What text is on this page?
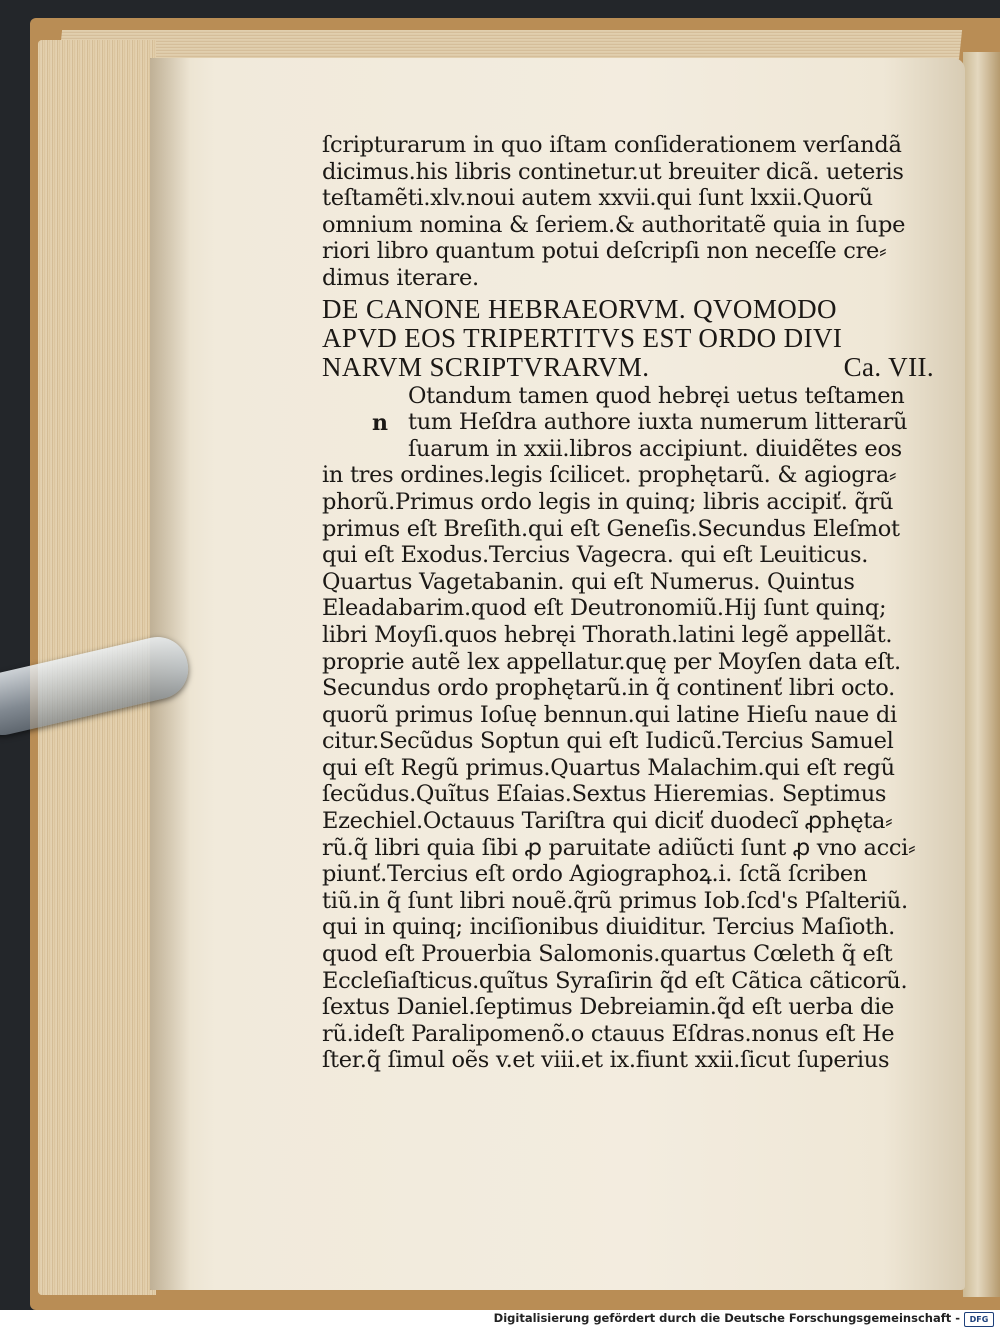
ſcripturarum in quo iſtam conſiderationem verſandã
dicimus.his libris continetur.ut breuiter dicã. ueteris
teſtamẽti.xlv.noui autem xxvii.qui ſunt lxxii.Quorũ
omnium nomina & ſeriem.& authoritatẽ quia in ſupe
riori libro quantum potui deſcripſi non neceſſe cre⸗
dimus iterare.
DE CANONE HEBRAEORVM. QVOMODO
APVD EOS TRIPERTITVS EST ORDO DIVI
NARVM SCRIPTVRARVM.	Ca. VII.
n
Otandum tamen quod hebręi uetus teſtamen
tum Heſdra authore iuxta numerum litterarũ
ſuarum in xxii.libros accipiunt. diuidẽtes eos
in tres ordines.legis ſcilicet. prophętarũ. & agiogra⸗
phorũ.Primus ordo legis in quinq; libris accipiť. q̃rũ
primus eſt Breſith.qui eſt Geneſis.Secundus Eleſmot
qui eſt Exodus.Tercius Vagecra. qui eſt Leuiticus.
Quartus Vagetabanin. qui eſt Numerus. Quintus
Eleadabarim.quod eſt Deutronomiũ.Hij ſunt quinq;
libri Moyſi.quos hebręi Thorath.latini legẽ appellãt.
proprie autẽ lex appellatur.quę per Moyſen data eſt.
Secundus ordo prophętarũ.in q̃ continenť libri octo.
quorũ primus Ioſuę bennun.qui latine Hieſu naue di
citur.Secũdus Soptun qui eſt Iudicũ.Tercius Samuel
qui eſt Regũ primus.Quartus Malachim.qui eſt regũ
ſecũdus.Quĩtus Eſaias.Sextus Hieremias. Septimus
Ezechiel.Octauus Tariſtra qui diciť duodecĩ ꝓphęta⸗
rũ.q̃ libri quia ſibi ꝓ paruitate adiũcti ſunt ꝓ vno acci⸗
piunť.Tercius eſt ordo Agiographoꝝ.i. ſctã ſcriben
tiũ.in q̃ ſunt libri nouẽ.q̃rũ primus Iob.ſcd's Pſalteriũ.
qui in quinq; inciſionibus diuiditur. Tercius Maſioth.
quod eſt Prouerbia Salomonis.quartus Cœleth q̃ eſt
Eccleſiaſticus.quĩtus Syraſirin q̃d eſt Cãtica cãticorũ.
ſextus Daniel.ſeptimus Debreiamin.q̃d eſt uerba die
rũ.ideſt Paralipomenõ.o ctauus Eſdras.nonus eſt He
ſter.q̃ ſimul oẽs v.et viii.et ix.fiunt xxii.ſicut ſuperius
Digitalisierung gefördert durch die Deutsche Forschungsgemeinschaft -	DFG
